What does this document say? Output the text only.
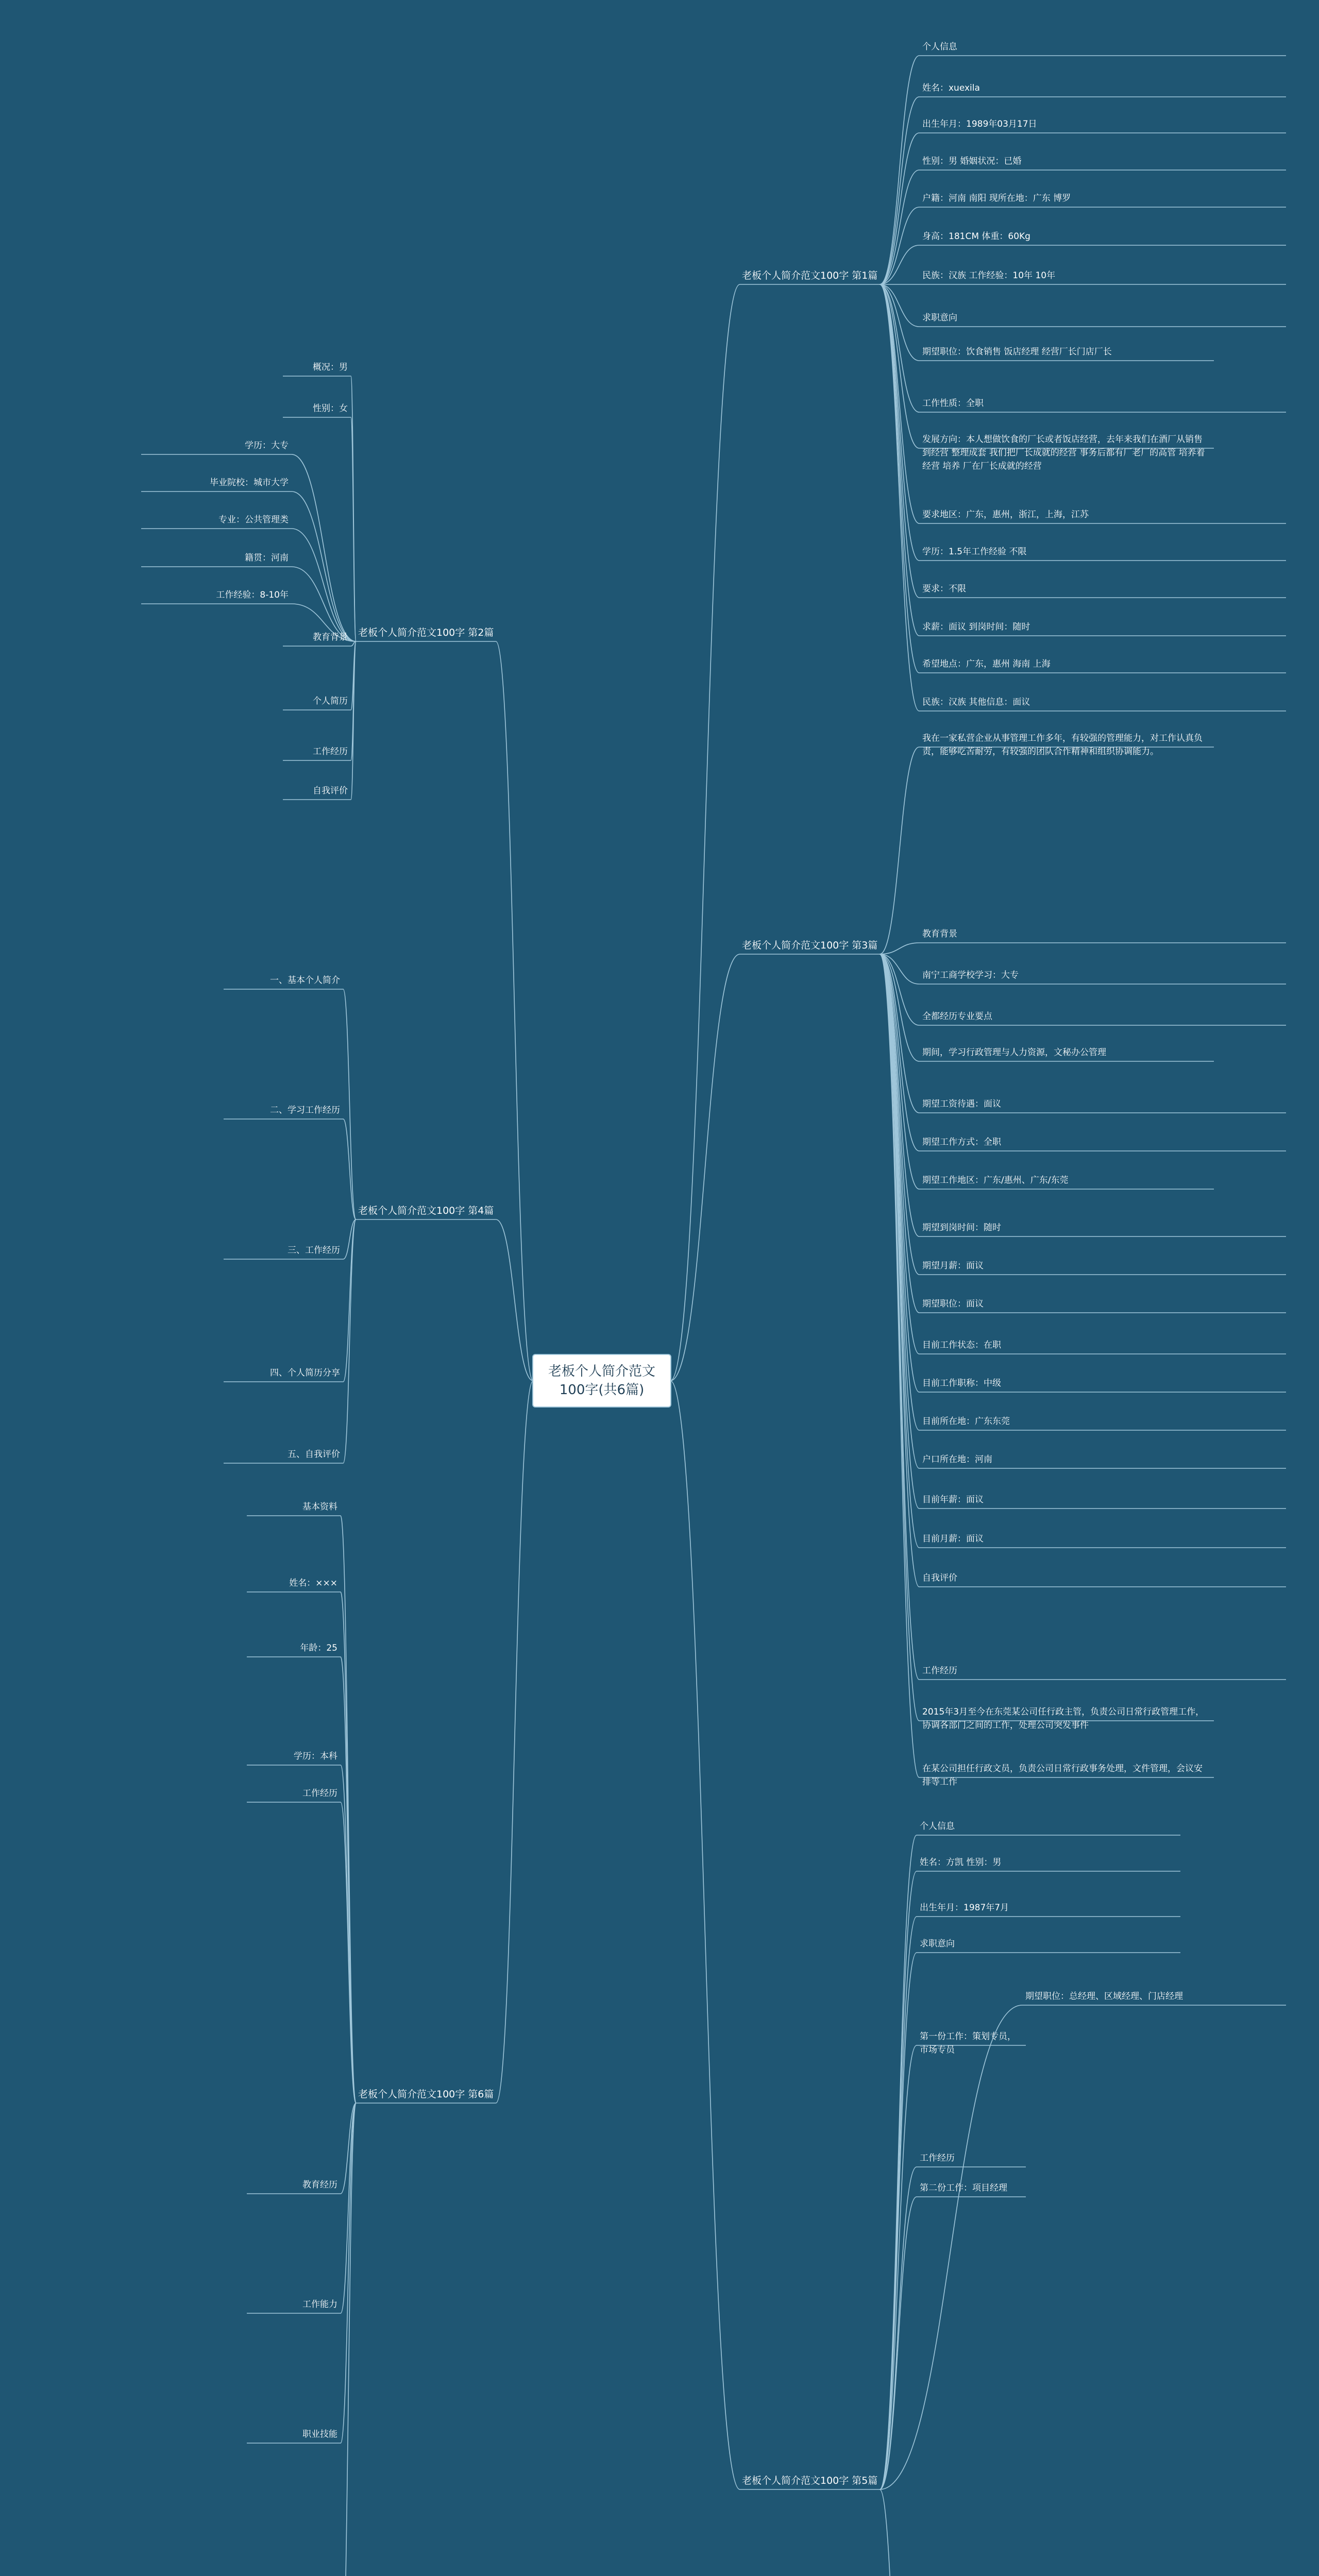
老板个人简介范文100字(共6篇)
老板个人简介范文100字 第1篇
个人信息
姓名：xuexila
出生年月：1989年03月17日
性别：男 婚姻状况：已婚
户籍：河南 南阳 现所在地：广东 博罗
身高：181CM 体重：60Kg
民族：汉族 工作经验：10年 10年
求职意向
期望职位：饮食销售 饭店经理 经营厂长门店厂长
工作性质：全职
发展方向：本人想做饮食的厂长或者饭店经营，去年来我们在酒厂从销售到经营 整理成套 我们把厂长成就的经营 事务后都有厂老厂的高管 培养着 经营 培养 厂在厂长成就的经营
要求地区：广东，惠州，浙江，上海，江苏
学历：1.5年工作经验 不限
要求：不限
求薪：面议 到岗时间：随时
希望地点：广东，惠州 海南 上海
民族：汉族 其他信息：面议
老板个人简介范文100字 第2篇
概况：男
性别：女
学历：大专
毕业院校：城市大学
专业：公共管理类
籍贯：河南
工作经验：8-10年
教育背景
个人简历
工作经历
自我评价
老板个人简介范文100字 第3篇
我在一家私营企业从事管理工作多年，有较强的管理能力，对工作认真负责，能够吃苦耐劳，有较强的团队合作精神和组织协调能力。
教育背景
南宁工商学校学习：大专
全都经历专业要点
期间，学习行政管理与人力资源，文秘办公管理
期望工资待遇：面议
期望工作方式：全职
期望工作地区：广东/惠州、广东/东莞
期望到岗时间：随时
期望月薪：面议
期望职位：面议
目前工作状态：在职
目前工作职称：中级
目前所在地：广东东莞
户口所在地：河南
目前年薪：面议
目前月薪：面议
自我评价
工作经历
2015年3月至今在东莞某公司任行政主管，负责公司日常行政管理工作，协调各部门之间的工作，处理公司突发事件
在某公司担任行政文员，负责公司日常行政事务处理，文件管理，会议安排等工作
老板个人简介范文100字 第4篇
一、基本个人简介
二、学习工作经历
三、工作经历
四、个人简历分享
五、自我评价
老板个人简介范文100字 第5篇
个人信息
姓名：方凯 性别：男
出生年月：1987年7月
求职意向
期望职位：总经理、区域经理、门店经理
第一份工作：策划专员，市场专员
工作经历
第二份工作：项目经理
老板个人简介范文100字 第6篇
基本资料
姓名：×××
年龄：25
学历：本科
工作经历
教育经历
工作能力
职业技能
